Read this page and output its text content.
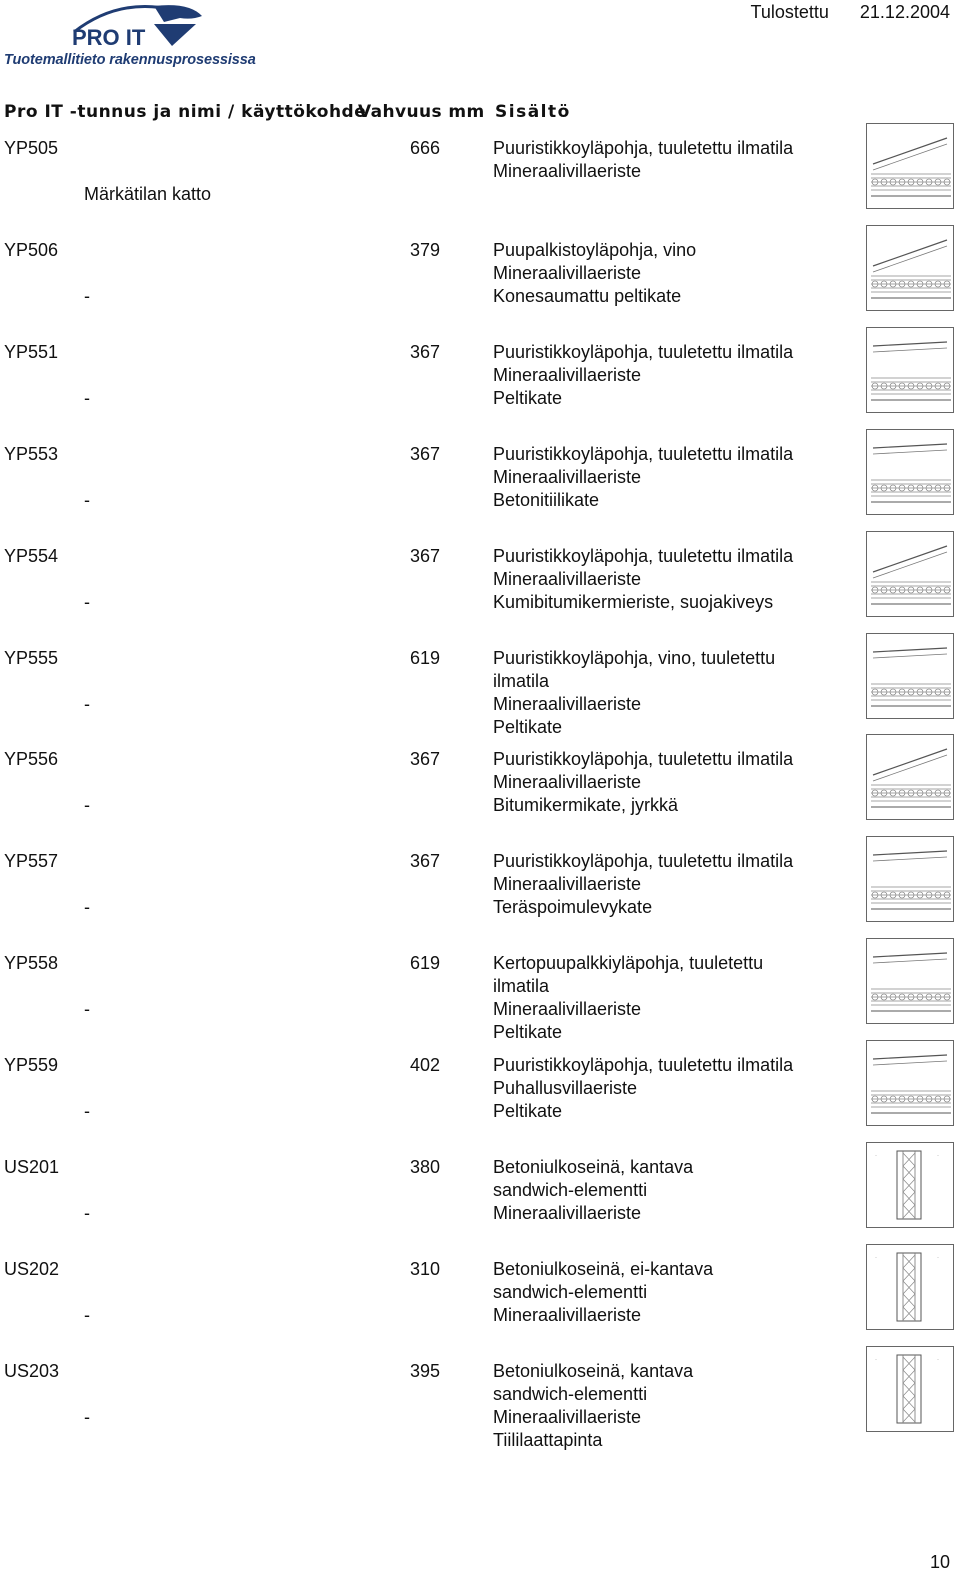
PRO IT
Tuotemallitieto rakennusprosessissa
Tulostettu 21.12.2004
Pro IT -tunnus ja nimi / käyttökohde
Vahvuus mm Sisältö
YP505
Märkätilan katto
666	Puuristikkoyläpohja, tuuletettu ilmatila
Mineraalivillaeriste
YP506
-
379	Puupalkistoyläpohja, vino
Mineraalivillaeriste
Konesaumattu peltikate
YP551
-
367	Puuristikkoyläpohja, tuuletettu ilmatila
Mineraalivillaeriste
Peltikate
YP553
-
367	Puuristikkoyläpohja, tuuletettu ilmatila
Mineraalivillaeriste
Betonitiilikate
YP554
-
367	Puuristikkoyläpohja, tuuletettu ilmatila
Mineraalivillaeriste
Kumibitumikermieriste, suojakiveys
YP555
-
619	Puuristikkoyläpohja, vino, tuuletettu
ilmatila
Mineraalivillaeriste
Peltikate
YP556
-
367	Puuristikkoyläpohja, tuuletettu ilmatila
Mineraalivillaeriste
Bitumikermikate, jyrkkä
YP557
-
367	Puuristikkoyläpohja, tuuletettu ilmatila
Mineraalivillaeriste
Teräspoimulevykate
YP558
-
619	Kertopuupalkkiyläpohja, tuuletettu
ilmatila
Mineraalivillaeriste
Peltikate
YP559
-
402	Puuristikkoyläpohja, tuuletettu ilmatila
Puhallusvillaeriste
Peltikate
US201
-
380	Betoniulkoseinä, kantava
sandwich-elementti
Mineraalivillaeriste
·	·
US202
-
310	Betoniulkoseinä, ei-kantava
sandwich-elementti
Mineraalivillaeriste
·	·
US203
-
395	Betoniulkoseinä, kantava
sandwich-elementti
Mineraalivillaeriste
Tiililaattapinta
·	·
10
